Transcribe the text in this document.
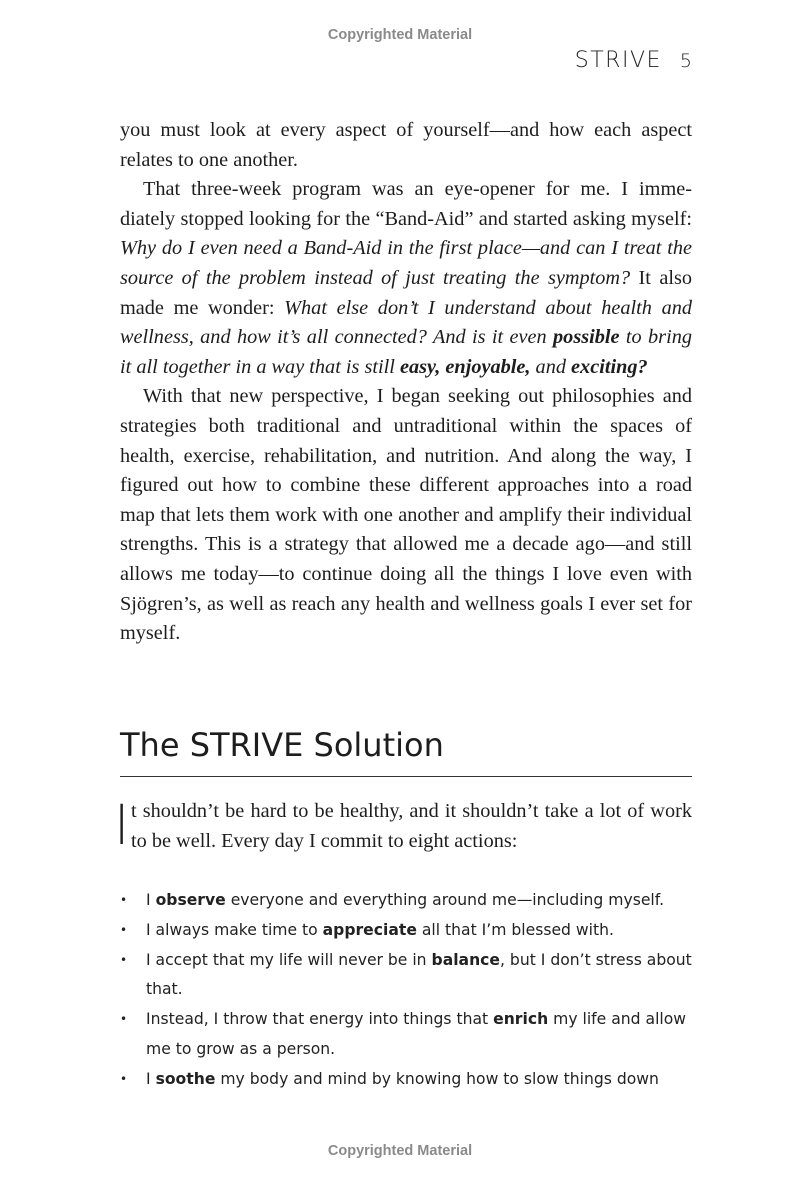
Copyrighted Material
STRIVE 5

you must look at every aspect of yourself—and how each aspect relates to one another.

That three-week program was an eye-opener for me. I imme-diately stopped looking for the “Band-Aid” and started asking myself: Why do I even need a Band-Aid in the first place—and can I treat the source of the problem instead of just treating the symptom? It also made me wonder: What else don’t I understand about health and wellness, and how it’s all connected? And is it even possible to bring it all together in a way that is still easy, enjoyable, and exciting?

With that new perspective, I began seeking out philosophies and strategies both traditional and untraditional within the spaces of health, exercise, rehabilitation, and nutrition. And along the way, I figured out how to combine these different approaches into a road map that lets them work with one another and amplify their individual strengths. This is a strategy that allowed me a decade ago—and still allows me today—to continue doing all the things I love even with Sjögren’s, as well as reach any health and wellness goals I ever set for myself.

The STRIVE Solution
It shouldn’t be hard to be healthy, and it shouldn’t take a lot of work to be well. Every day I commit to eight actions:
• I observe everyone and everything around me—including myself.
• I always make time to appreciate all that I’m blessed with.
• I accept that my life will never be in balance, but I don’t stress about that.
• Instead, I throw that energy into things that enrich my life and allow me to grow as a person.
• I soothe my body and mind by knowing how to slow things down
Copyrighted Material
